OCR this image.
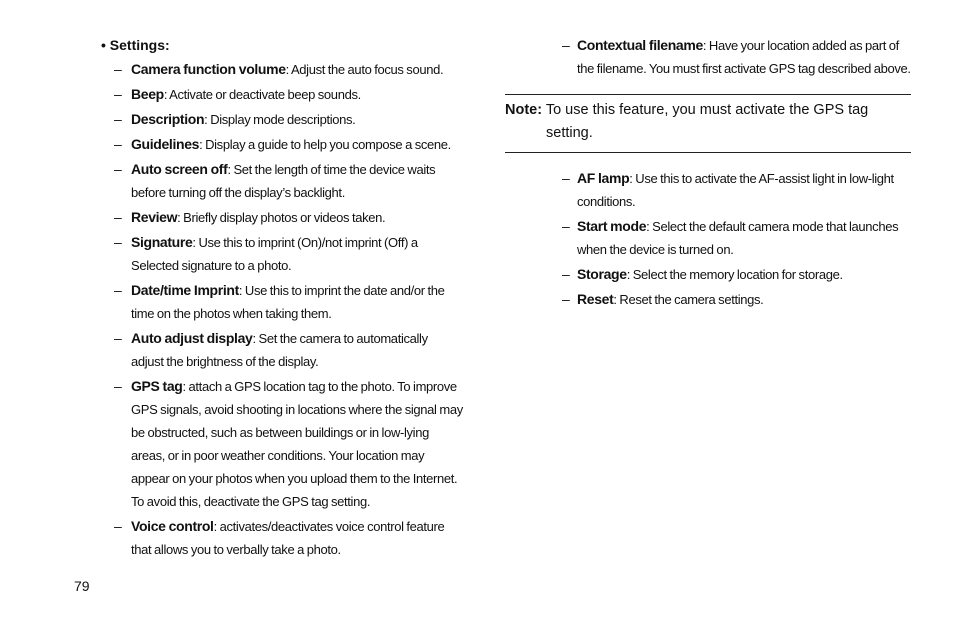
• Settings:
– Camera function volume: Adjust the auto focus sound.
– Beep: Activate or deactivate beep sounds.
– Description: Display mode descriptions.
– Guidelines: Display a guide to help you compose a scene.
– Auto screen off: Set the length of time the device waits before turning off the display’s backlight.
– Review: Briefly display photos or videos taken.
– Signature: Use this to imprint (On)/not imprint (Off) a Selected signature to a photo.
– Date/time Imprint: Use this to imprint the date and/or the time on the photos when taking them.
– Auto adjust display: Set the camera to automatically adjust the brightness of the display.
– GPS tag: attach a GPS location tag to the photo. To improve GPS signals, avoid shooting in locations where the signal may be obstructed, such as between buildings or in low-lying areas, or in poor weather conditions. Your location may appear on your photos when you upload them to the Internet. To avoid this, deactivate the GPS tag setting.
– Voice control: activates/deactivates voice control feature that allows you to verbally take a photo.
– Contextual filename: Have your location added as part of the filename. You must first activate GPS tag described above.
Note: To use this feature, you must activate the GPS tag
setting.
– AF lamp: Use this to activate the AF-assist light in low-light conditions.
– Start mode: Select the default camera mode that launches when the device is turned on.
– Storage: Select the memory location for storage.
– Reset: Reset the camera settings.
79
